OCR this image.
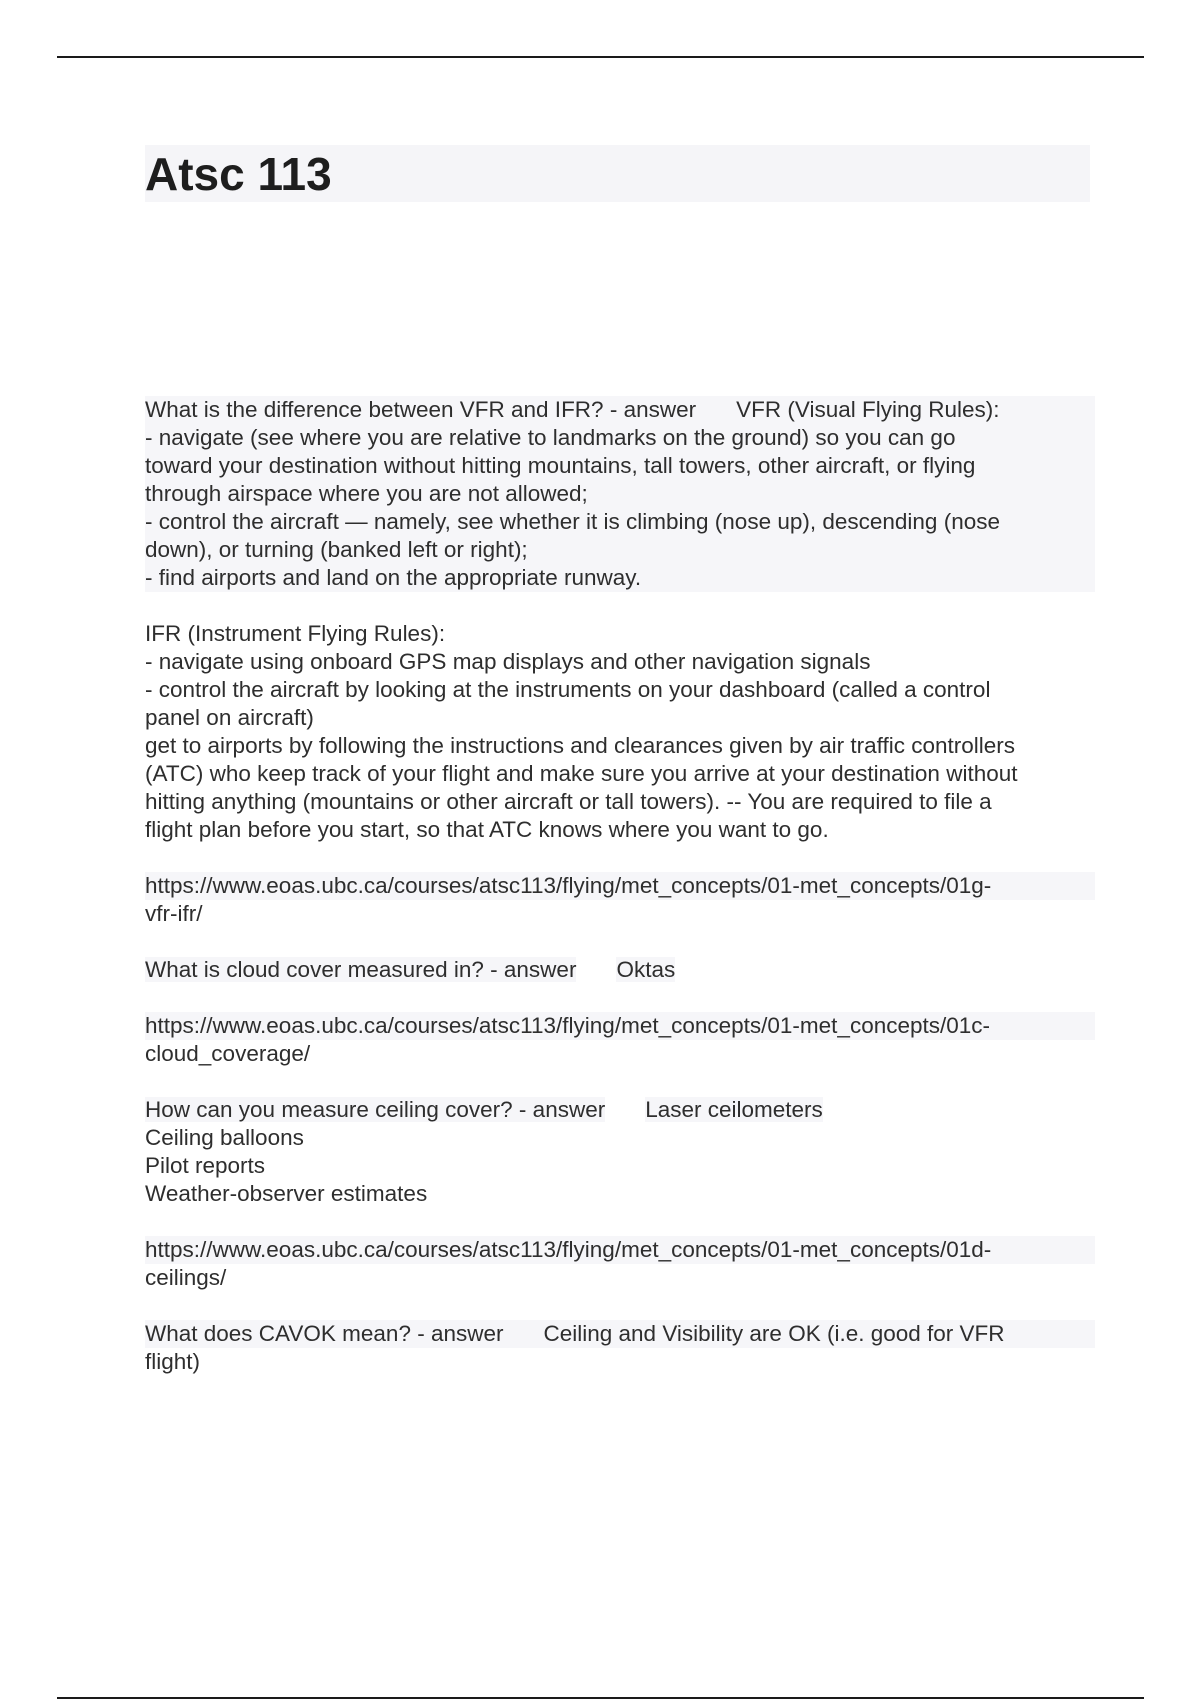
Atsc 113
What is the difference between VFR and IFR? - answer VFR (Visual Flying Rules):
- navigate (see where you are relative to landmarks on the ground) so you can go
toward your destination without hitting mountains, tall towers, other aircraft, or flying
through airspace where you are not allowed;
- control the aircraft — namely, see whether it is climbing (nose up), descending (nose
down), or turning (banked left or right);
- find airports and land on the appropriate runway.
IFR (Instrument Flying Rules):
- navigate using onboard GPS map displays and other navigation signals
- control the aircraft by looking at the instruments on your dashboard (called a control
panel on aircraft)
get to airports by following the instructions and clearances given by air traffic controllers
(ATC) who keep track of your flight and make sure you arrive at your destination without
hitting anything (mountains or other aircraft or tall towers). -- You are required to file a
flight plan before you start, so that ATC knows where you want to go.
https://www.eoas.ubc.ca/courses/atsc113/flying/met_concepts/01-met_concepts/01g-
vfr-ifr/
What is cloud cover measured in? - answer Oktas
https://www.eoas.ubc.ca/courses/atsc113/flying/met_concepts/01-met_concepts/01c-
cloud_coverage/
How can you measure ceiling cover? - answer Laser ceilometers
Ceiling balloons
Pilot reports
Weather-observer estimates
https://www.eoas.ubc.ca/courses/atsc113/flying/met_concepts/01-met_concepts/01d-
ceilings/
What does CAVOK mean? - answer Ceiling and Visibility are OK (i.e. good for VFR
flight)
